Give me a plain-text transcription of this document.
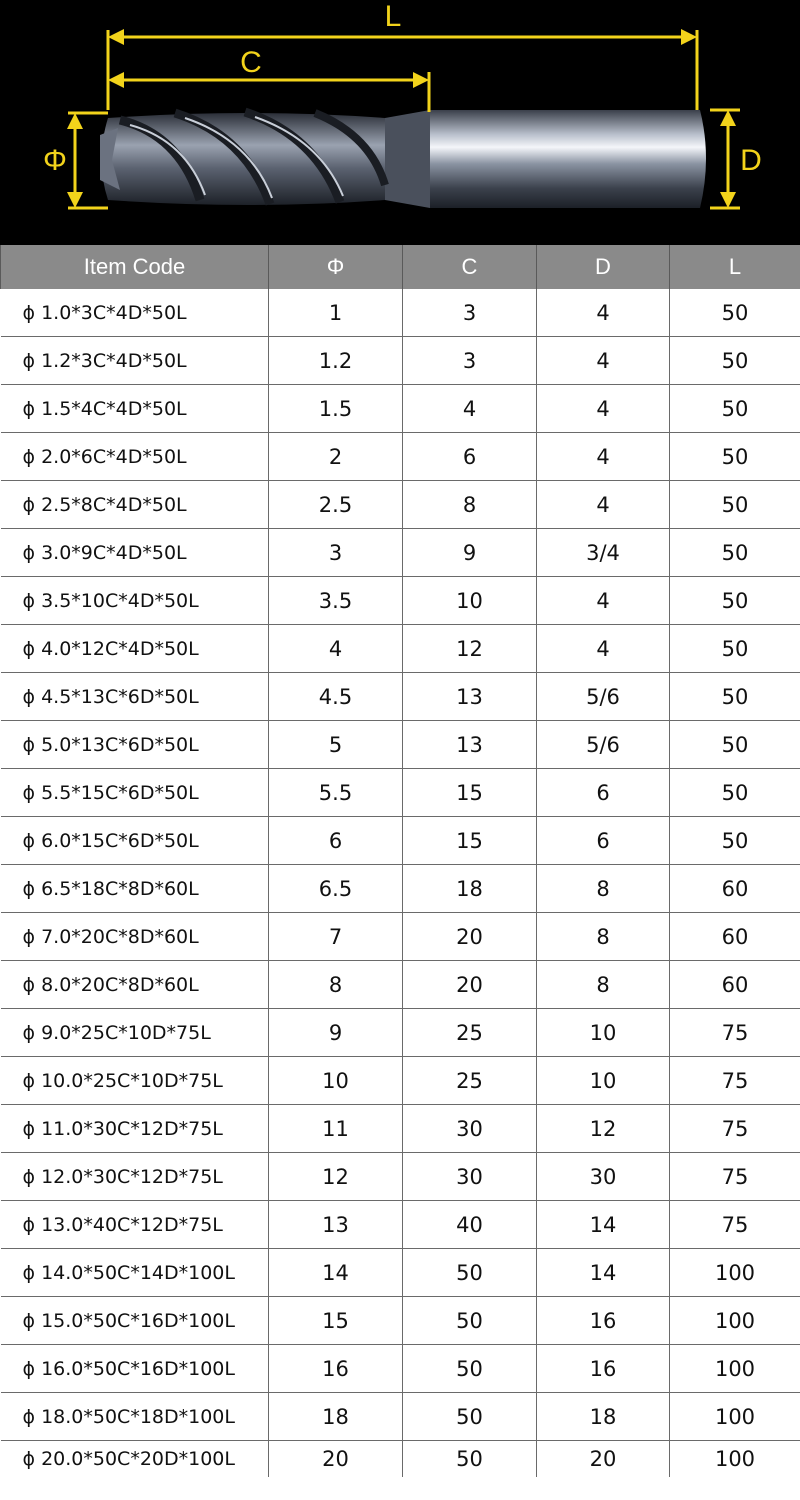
L
C
Φ	D
Item Code	Φ	C	D	L
ϕ 1.0*3C*4D*50L	1	3	4	50
ϕ 1.2*3C*4D*50L	1.2	3	4	50
ϕ 1.5*4C*4D*50L	1.5	4	4	50
ϕ 2.0*6C*4D*50L	2	6	4	50
ϕ 2.5*8C*4D*50L	2.5	8	4	50
ϕ 3.0*9C*4D*50L	3	9	3/4	50
ϕ 3.5*10C*4D*50L	3.5	10	4	50
ϕ 4.0*12C*4D*50L	4	12	4	50
ϕ 4.5*13C*6D*50L	4.5	13	5/6	50
ϕ 5.0*13C*6D*50L	5	13	5/6	50
ϕ 5.5*15C*6D*50L	5.5	15	6	50
ϕ 6.0*15C*6D*50L	6	15	6	50
ϕ 6.5*18C*8D*60L	6.5	18	8	60
ϕ 7.0*20C*8D*60L	7	20	8	60
ϕ 8.0*20C*8D*60L	8	20	8	60
ϕ 9.0*25C*10D*75L	9	25	10	75
ϕ 10.0*25C*10D*75L	10	25	10	75
ϕ 11.0*30C*12D*75L	11	30	12	75
ϕ 12.0*30C*12D*75L	12	30	30	75
ϕ 13.0*40C*12D*75L	13	40	14	75
ϕ 14.0*50C*14D*100L	14	50	14	100
ϕ 15.0*50C*16D*100L	15	50	16	100
ϕ 16.0*50C*16D*100L	16	50	16	100
ϕ 18.0*50C*18D*100L	18	50	18	100
ϕ 20.0*50C*20D*100L	20	50	20	100
